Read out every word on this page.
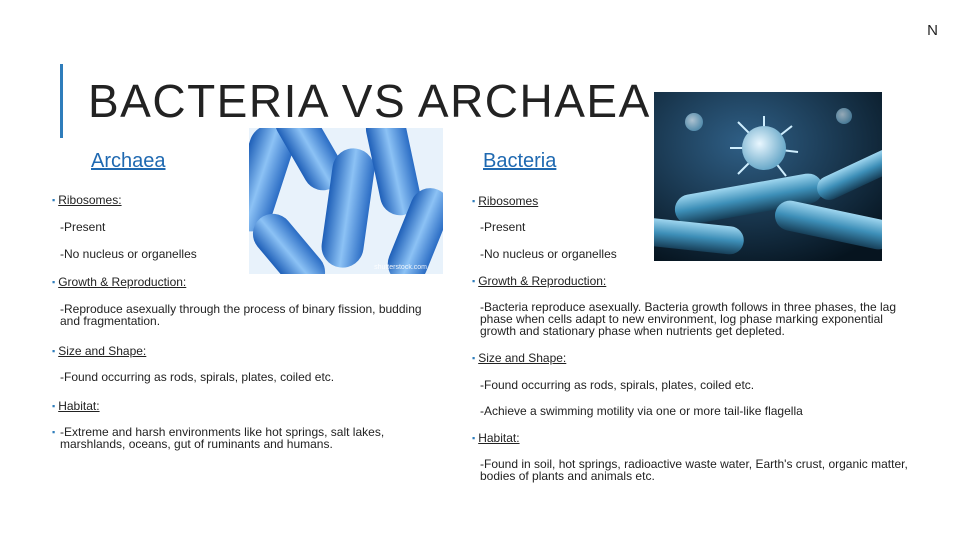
N
BACTERIA VS ARCHAEA
shutterstock.com
Archaea	Bacteria
▪ Ribosomes:
-Present
-No nucleus or organelles
▪ Growth & Reproduction:
-Reproduce asexually through the process of binary fission, budding and fragmentation.
▪ Size and Shape:
-Found occurring as rods, spirals, plates, coiled etc.
▪ Habitat:
▪ -Extreme and harsh environments like hot springs, salt lakes, marshlands, oceans, gut of ruminants and humans.
▪ Ribosomes
-Present
-No nucleus or organelles
▪ Growth & Reproduction:
-Bacteria reproduce asexually. Bacteria growth follows in three phases, the lag phase when cells adapt to new environment, log phase marking exponential growth and stationary phase when nutrients get depleted.
▪ Size and Shape:
-Found occurring as rods, spirals, plates, coiled etc.
-Achieve a swimming motility via one or more tail-like flagella
▪ Habitat:
-Found in soil, hot springs, radioactive waste water, Earth's crust, organic matter, bodies of plants and animals etc.
